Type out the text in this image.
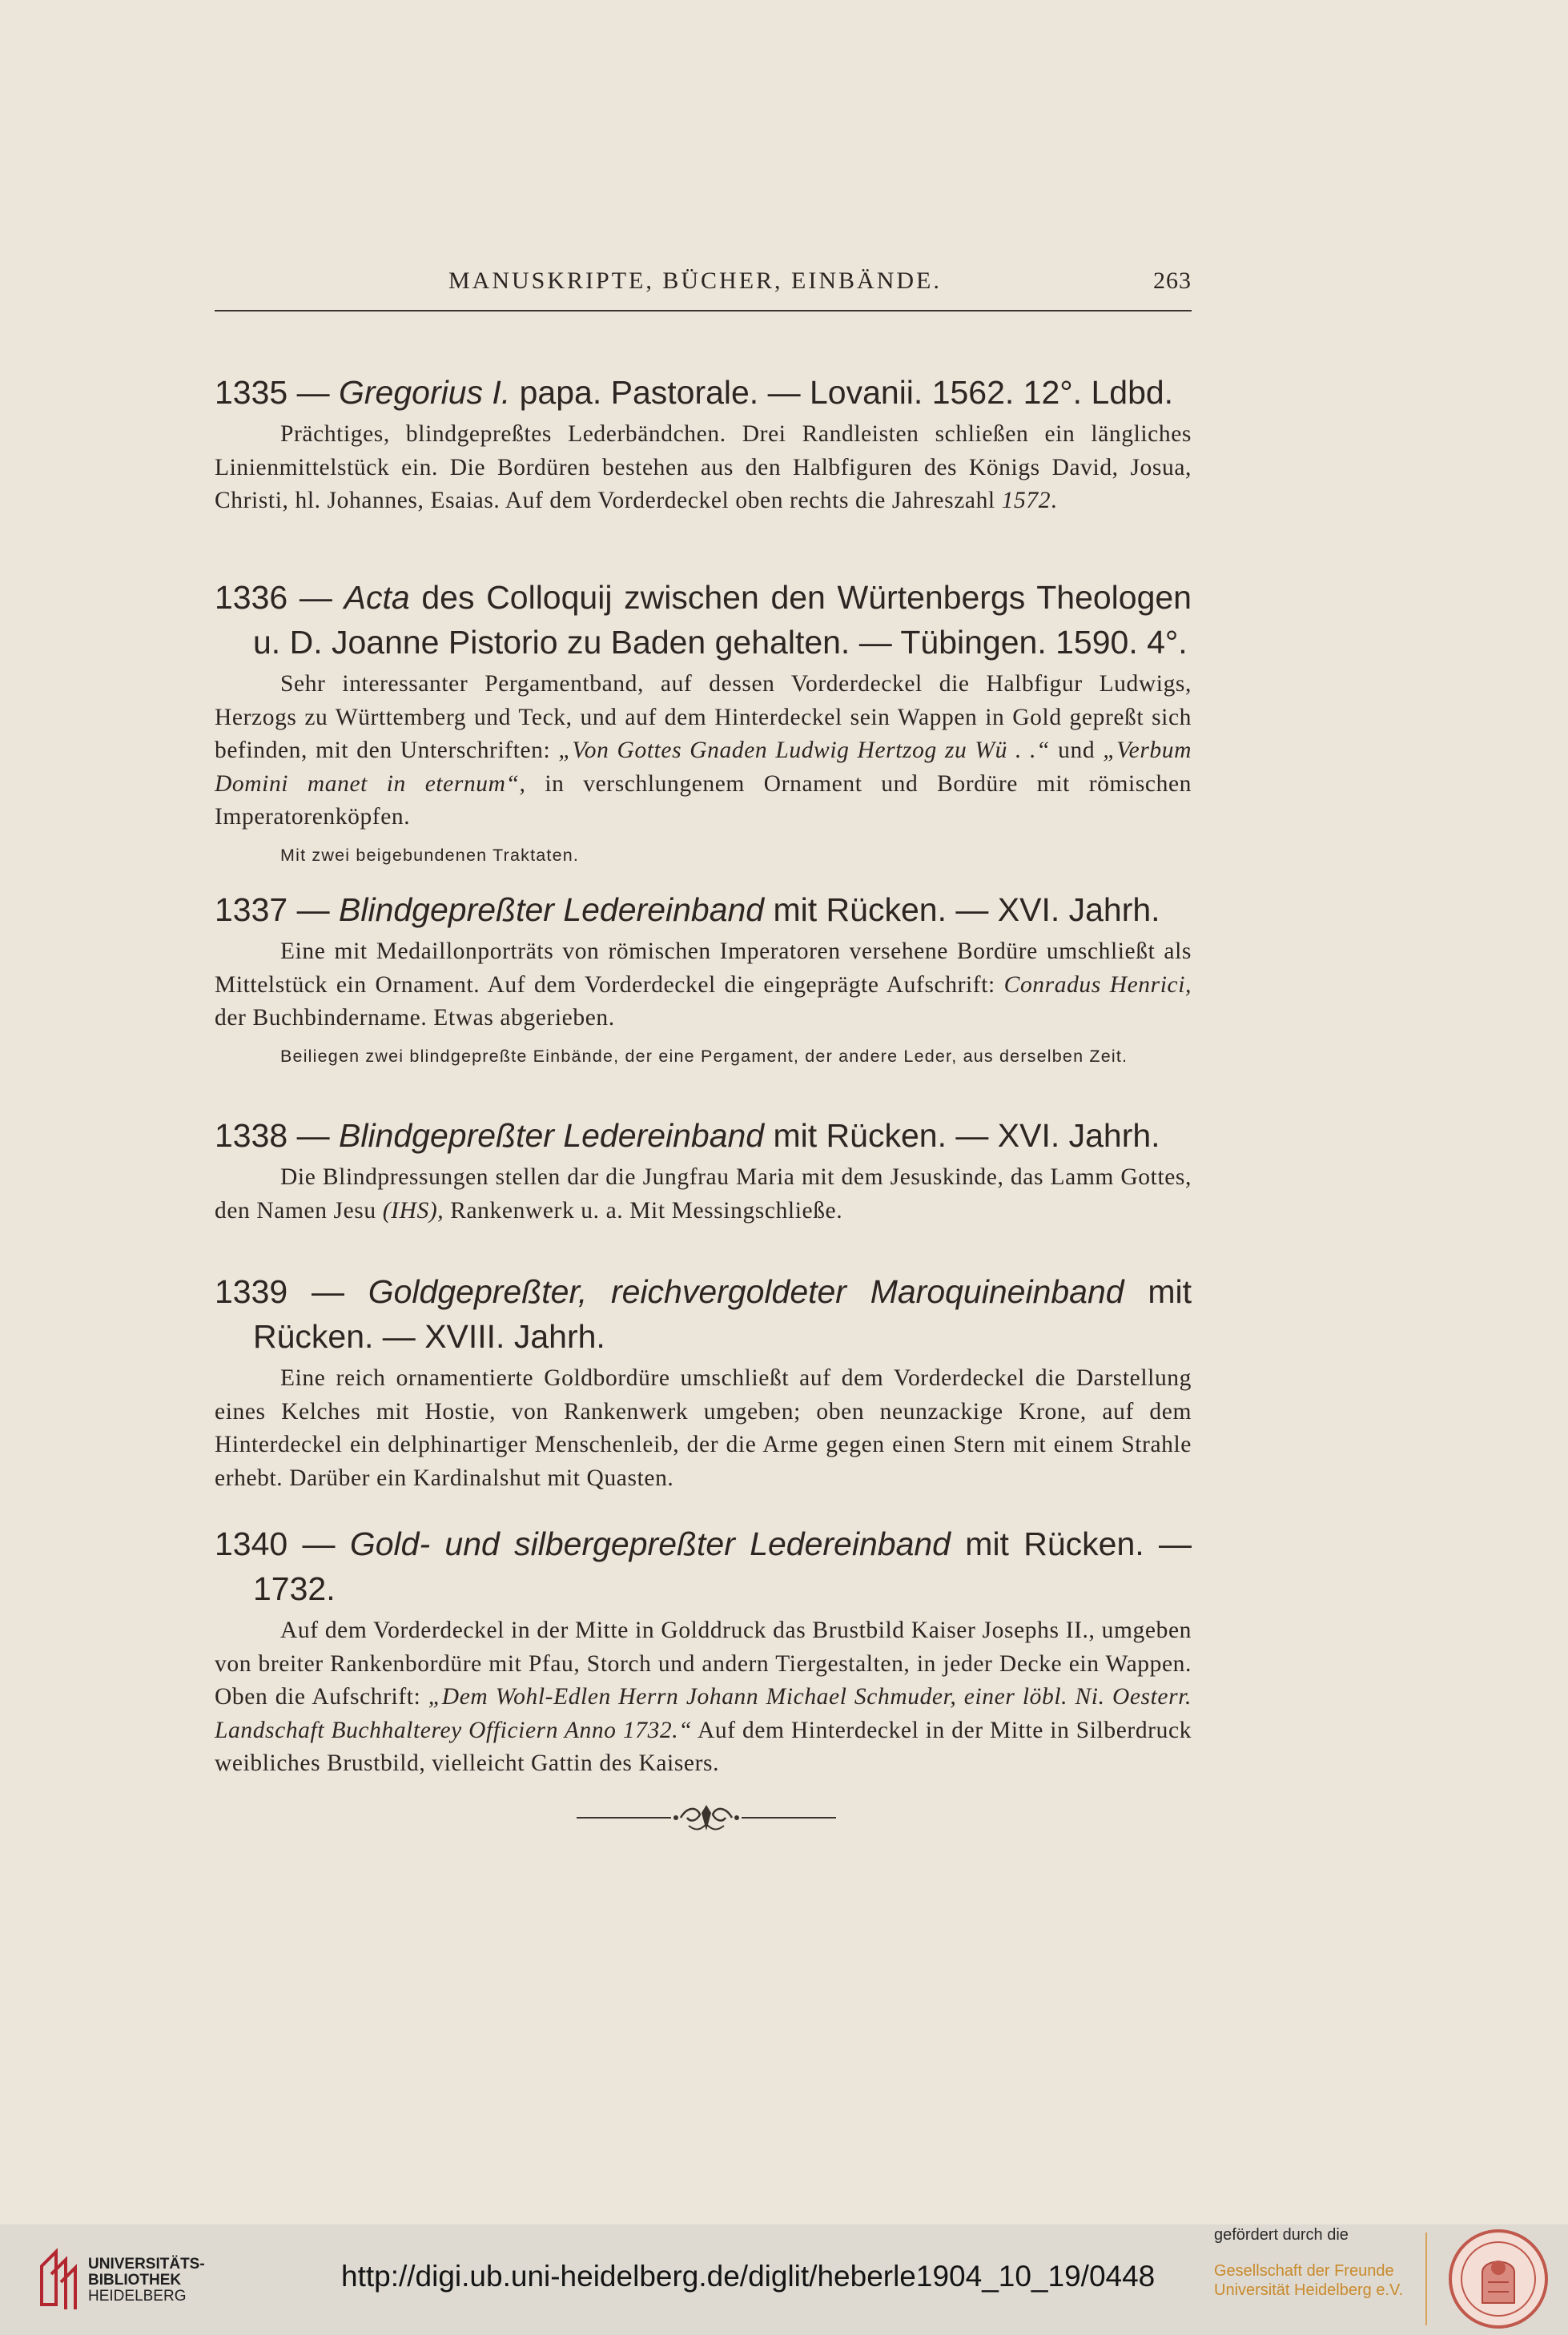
MANUSKRIPTE, BÜCHER, EINBÄNDE.	263
1335 — Gregorius I. papa. Pastorale. — Lovanii. 1562. 12°. Ldbd.
Prächtiges, blindgepreßtes Lederbändchen. Drei Randleisten schließen ein längliches Linienmittelstück ein. Die Bordüren bestehen aus den Halbfiguren des Königs David, Josua, Christi, hl. Johannes, Esaias. Auf dem Vorderdeckel oben rechts die Jahreszahl 1572.
1336 — Acta des Colloquij zwischen den Würtenbergs Theologen u. D. Joanne Pistorio zu Baden gehalten. — Tübingen. 1590. 4°.
Sehr interessanter Pergamentband, auf dessen Vorderdeckel die Halbfigur Ludwigs, Herzogs zu Württemberg und Teck, und auf dem Hinterdeckel sein Wappen in Gold gepreßt sich befinden, mit den Unterschriften: „Von Gottes Gnaden Ludwig Hertzog zu Wü . .“ und „Verbum Domini manet in eternum“, in verschlungenem Ornament und Bordüre mit römischen Imperatorenköpfen.
Mit zwei beigebundenen Traktaten.
1337 — Blindgepreßter Ledereinband mit Rücken. — XVI. Jahrh.
Eine mit Medaillonporträts von römischen Imperatoren versehene Bordüre umschließt als Mittelstück ein Ornament. Auf dem Vorderdeckel die eingeprägte Aufschrift: Conradus Henrici, der Buchbindername. Etwas abgerieben.
Beiliegen zwei blindgepreßte Einbände, der eine Pergament, der andere Leder, aus derselben Zeit.
1338 — Blindgepreßter Ledereinband mit Rücken. — XVI. Jahrh.
Die Blindpressungen stellen dar die Jungfrau Maria mit dem Jesuskinde, das Lamm Gottes, den Namen Jesu (IHS), Rankenwerk u. a. Mit Messingschließe.
1339 — Goldgepreßter, reichvergoldeter Maroquineinband mit Rücken. — XVIII. Jahrh.
Eine reich ornamentierte Goldbordüre umschließt auf dem Vorderdeckel die Darstellung eines Kelches mit Hostie, von Rankenwerk umgeben; oben neunzackige Krone, auf dem Hinterdeckel ein delphinartiger Menschenleib, der die Arme gegen einen Stern mit einem Strahle erhebt. Darüber ein Kardinalshut mit Quasten.
1340 — Gold- und silbergepreßter Ledereinband mit Rücken. — 1732.
Auf dem Vorderdeckel in der Mitte in Golddruck das Brustbild Kaiser Josephs II., umgeben von breiter Rankenbordüre mit Pfau, Storch und andern Tiergestalten, in jeder Decke ein Wappen. Oben die Aufschrift: „Dem Wohl-Edlen Herrn Johann Michael Schmuder, einer löbl. Ni. Oesterr. Landschaft Buchhalterey Officiern Anno 1732.“ Auf dem Hinterdeckel in der Mitte in Silberdruck weibliches Brustbild, vielleicht Gattin des Kaisers.
UNIVERSITÄTS-
BIBLIOTHEK
HEIDELBERG
http://digi.ub.uni-heidelberg.de/diglit/heberle1904_10_19/0448
gefördert durch die
Gesellschaft der Freunde
Universität Heidelberg e.V.
